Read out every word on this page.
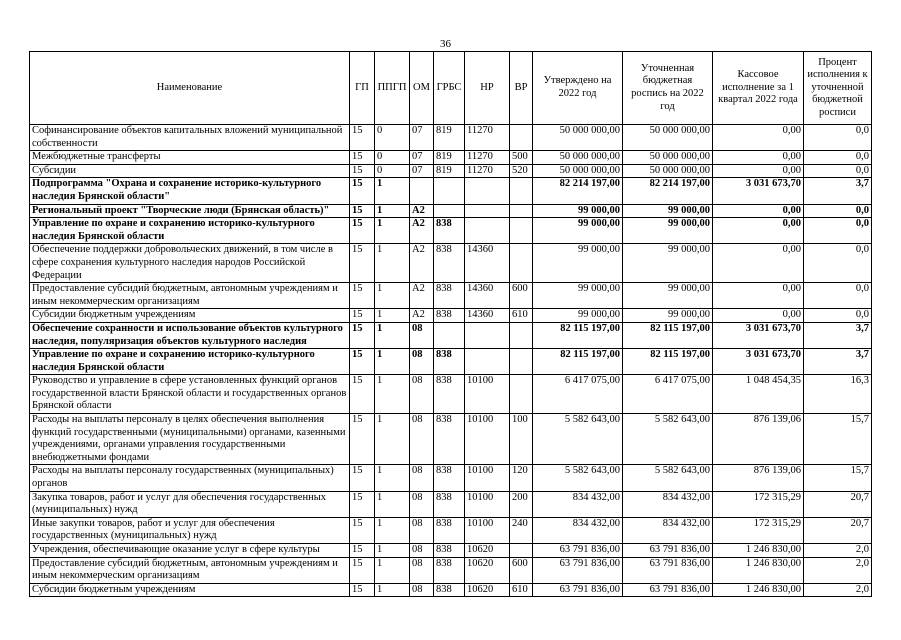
36
Наименование	ГП	ППГП	ОМ	ГРБС	НР	ВР	Утверждено на 2022 год	Уточненная бюджетная роспись на 2022 год	Кассовое исполнение за 1 квартал 2022 года	Процент исполнения к уточненной бюджетной росписи
Софинансирование объектов капитальных вложений муниципальной собственности	15	0	07	819	11270		50 000 000,00	50 000 000,00	0,00	0,0
Межбюджетные трансферты	15	0	07	819	11270	500	50 000 000,00	50 000 000,00	0,00	0,0
Субсидии	15	0	07	819	11270	520	50 000 000,00	50 000 000,00	0,00	0,0
Подпрограмма "Охрана и сохранение историко-культурного наследия Брянской области"	15	1					82 214 197,00	82 214 197,00	3 031 673,70	3,7
Региональный проект "Творческие люди (Брянская область)"	15	1	A2				99 000,00	99 000,00	0,00	0,0
Управление по охране и сохранению историко-культурного наследия Брянской области	15	1	A2	838			99 000,00	99 000,00	0,00	0,0
Обеспечение поддержки добровольческих движений, в том числе в сфере сохранения культурного наследия народов Российской Федерации	15	1	A2	838	14360		99 000,00	99 000,00	0,00	0,0
Предоставление субсидий бюджетным, автономным учреждениям и иным некоммерческим организациям	15	1	A2	838	14360	600	99 000,00	99 000,00	0,00	0,0
Субсидии бюджетным учреждениям	15	1	A2	838	14360	610	99 000,00	99 000,00	0,00	0,0
Обеспечение сохранности и использование объектов культурного наследия, популяризация объектов культурного наследия	15	1	08				82 115 197,00	82 115 197,00	3 031 673,70	3,7
Управление по охране и сохранению историко-культурного наследия Брянской области	15	1	08	838			82 115 197,00	82 115 197,00	3 031 673,70	3,7
Руководство и управление в сфере установленных функций органов государственной власти Брянской области и государственных органов Брянской области	15	1	08	838	10100		6 417 075,00	6 417 075,00	1 048 454,35	16,3
Расходы на выплаты персоналу в целях обеспечения выполнения функций государственными (муниципальными) органами, казенными учреждениями, органами управления государственными внебюджетными фондами	15	1	08	838	10100	100	5 582 643,00	5 582 643,00	876 139,06	15,7
Расходы на выплаты персоналу государственных (муниципальных) органов	15	1	08	838	10100	120	5 582 643,00	5 582 643,00	876 139,06	15,7
Закупка товаров, работ и услуг для обеспечения государственных (муниципальных) нужд	15	1	08	838	10100	200	834 432,00	834 432,00	172 315,29	20,7
Иные закупки товаров, работ и услуг для обеспечения государственных (муниципальных) нужд	15	1	08	838	10100	240	834 432,00	834 432,00	172 315,29	20,7
Учреждения, обеспечивающие оказание услуг в сфере культуры	15	1	08	838	10620		63 791 836,00	63 791 836,00	1 246 830,00	2,0
Предоставление субсидий бюджетным, автономным учреждениям и иным некоммерческим организациям	15	1	08	838	10620	600	63 791 836,00	63 791 836,00	1 246 830,00	2,0
Субсидии бюджетным учреждениям	15	1	08	838	10620	610	63 791 836,00	63 791 836,00	1 246 830,00	2,0
